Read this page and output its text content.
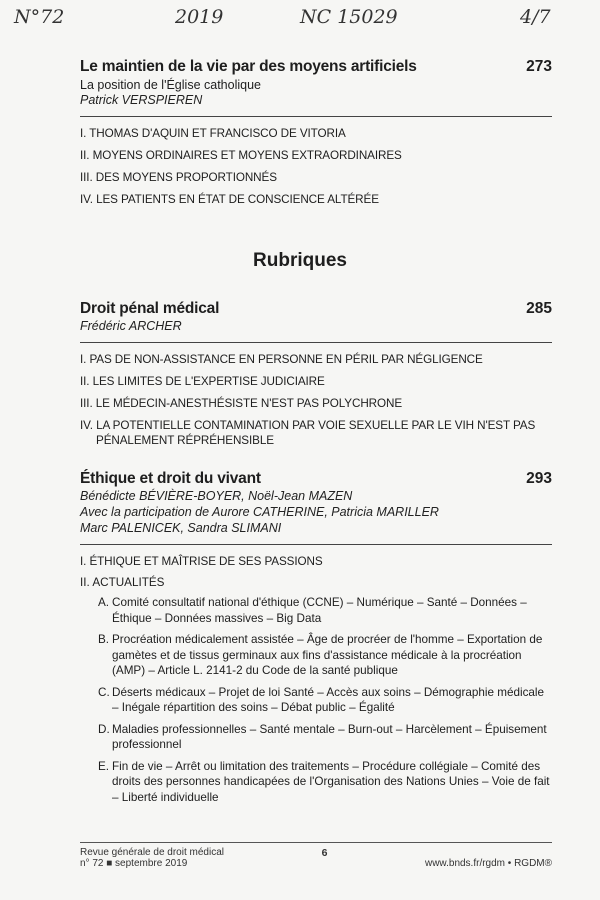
N°72	2019	NC 15029	4/7
Le maintien de la vie par des moyens artificiels	273
La position de l'Église catholique
Patrick VERSPIEREN
I. THOMAS D'AQUIN ET FRANCISCO DE VITORIA
II. MOYENS ORDINAIRES ET MOYENS EXTRAORDINAIRES
III. DES MOYENS PROPORTIONNÉS
IV. LES PATIENTS EN ÉTAT DE CONSCIENCE ALTÉRÉE
Rubriques
Droit pénal médical	285
Frédéric ARCHER
I. PAS DE NON-ASSISTANCE EN PERSONNE EN PÉRIL PAR NÉGLIGENCE
II. LES LIMITES DE L'EXPERTISE JUDICIAIRE
III. LE MÉDECIN-ANESTHÉSISTE N'EST PAS POLYCHRONE
IV. LA POTENTIELLE CONTAMINATION PAR VOIE SEXUELLE PAR LE VIH N'EST PAS PÉNALEMENT RÉPRÉHENSIBLE
Éthique et droit du vivant	293
Bénédicte BÉVIÈRE-BOYER, Noël-Jean MAZEN
Avec la participation de Aurore CATHERINE, Patricia MARILLER
Marc PALENICEK, Sandra SLIMANI
I. ÉTHIQUE ET MAÎTRISE DE SES PASSIONS
II. ACTUALITÉS
A. Comité consultatif national d'éthique (CCNE) – Numérique – Santé – Données – Éthique – Données massives – Big Data
B. Procréation médicalement assistée – Âge de procréer de l'homme – Exportation de gamètes et de tissus germinaux aux fins d'assistance médicale à la procréation (AMP) – Article L. 2141-2 du Code de la santé publique
C. Déserts médicaux – Projet de loi Santé – Accès aux soins – Démographie médicale – Inégale répartition des soins – Débat public – Égalité
D. Maladies professionnelles – Santé mentale – Burn-out – Harcèlement – Épuisement professionnel
E. Fin de vie – Arrêt ou limitation des traitements – Procédure collégiale – Comité des droits des personnes handicapées de l'Organisation des Nations Unies – Voie de fait – Liberté individuelle
Revue générale de droit médical
n° 72 ■ septembre 2019
6
www.bnds.fr/rgdm • RGDM®
